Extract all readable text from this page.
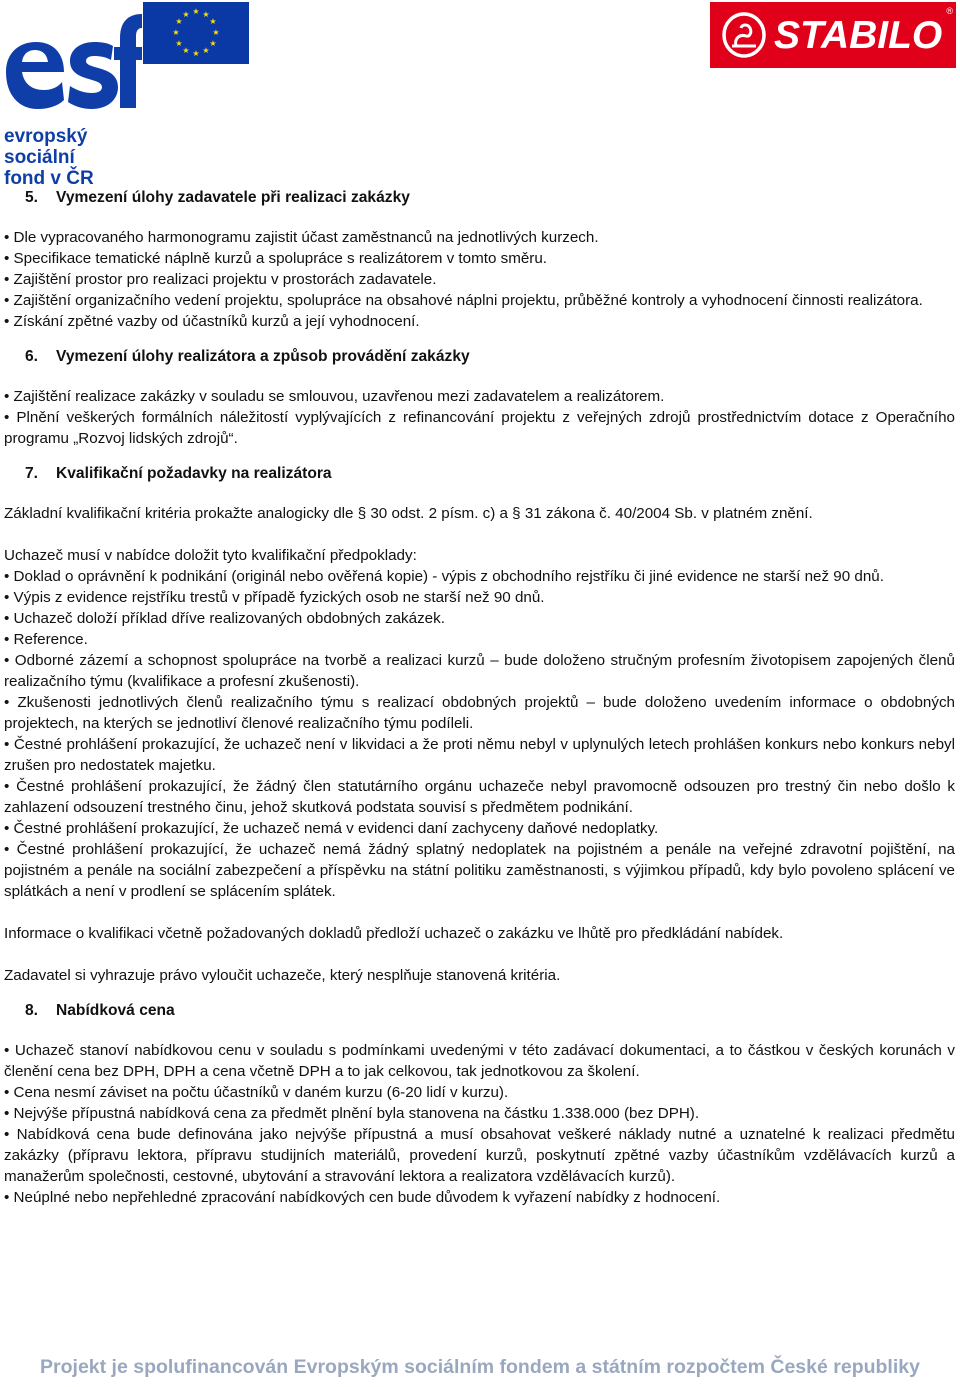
evropský
sociální
fond v ČR
★ ★
★
★
★
★
★
★
★
★
★
★	STABILO
®
5. Vymezení úlohy zadavatele při realizaci zakázky

• Dle vypracovaného harmonogramu zajistit účast zaměstnanců na jednotlivých kurzech.

• Specifikace tematické náplně kurzů a spolupráce s realizátorem v tomto směru.

• Zajištění prostor pro realizaci projektu v prostorách zadavatele.

• Zajištění organizačního vedení projektu, spolupráce na obsahové náplni projektu, průběžné kontroly a vyhodnocení činnosti realizátora.

• Získání zpětné vazby od účastníků kurzů a její vyhodnocení.

6. Vymezení úlohy realizátora a způsob provádění zakázky

• Zajištění realizace zakázky v souladu se smlouvou, uzavřenou mezi zadavatelem a realizátorem.

• Plnění veškerých formálních náležitostí vyplývajících z refinancování projektu z veřejných zdrojů prostřednictvím dotace z Operačního programu „Rozvoj lidských zdrojů“.

7. Kvalifikační požadavky na realizátora

Základní kvalifikační kritéria prokažte analogicky dle § 30 odst. 2 písm. c) a § 31 zákona č. 40/2004 Sb. v platném znění.

Uchazeč musí v nabídce doložit tyto kvalifikační předpoklady:

• Doklad o oprávnění k podnikání (originál nebo ověřená kopie) - výpis z obchodního rejstříku či jiné evidence ne starší než 90 dnů.

• Výpis z evidence rejstříku trestů v případě fyzických osob ne starší než 90 dnů.

• Uchazeč doloží příklad dříve realizovaných obdobných zakázek.

• Reference.

• Odborné zázemí a schopnost spolupráce na tvorbě a realizaci kurzů – bude doloženo stručným profesním životopisem zapojených členů realizačního týmu (kvalifikace a profesní zkušenosti).

• Zkušenosti jednotlivých členů realizačního týmu s realizací obdobných projektů – bude doloženo uvedením informace o obdobných projektech, na kterých se jednotliví členové realizačního týmu podíleli.

• Čestné prohlášení prokazující, že uchazeč není v likvidaci a že proti němu nebyl v uplynulých letech prohlášen konkurs nebo konkurs nebyl zrušen pro nedostatek majetku.

• Čestné prohlášení prokazující, že žádný člen statutárního orgánu uchazeče nebyl pravomocně odsouzen pro trestný čin nebo došlo k zahlazení odsouzení trestného činu, jehož skutková podstata souvisí s předmětem podnikání.

• Čestné prohlášení prokazující, že uchazeč nemá v evidenci daní zachyceny daňové nedoplatky.

• Čestné prohlášení prokazující, že uchazeč nemá žádný splatný nedoplatek na pojistném a penále na veřejné zdravotní pojištění, na pojistném a penále na sociální zabezpečení a příspěvku na státní politiku zaměstnanosti, s výjimkou případů, kdy bylo povoleno splácení ve splátkách a není v prodlení se splácením splátek.

Informace o kvalifikaci včetně požadovaných dokladů předloží uchazeč o zakázku ve lhůtě pro předkládání nabídek.

Zadavatel si vyhrazuje právo vyloučit uchazeče, který nesplňuje stanovená kritéria.

8. Nabídková cena

• Uchazeč stanoví nabídkovou cenu v souladu s podmínkami uvedenými v této zadávací dokumentaci, a to částkou v českých korunách v členění cena bez DPH, DPH a cena včetně DPH a to jak celkovou, tak jednotkovou za školení.

• Cena nesmí záviset na počtu účastníků v daném kurzu (6-20 lidí v kurzu).

• Nejvýše přípustná nabídková cena za předmět plnění byla stanovena na částku 1.338.000 (bez DPH).

• Nabídková cena bude definována jako nejvýše přípustná a musí obsahovat veškeré náklady nutné a uznatelné k realizaci předmětu zakázky (přípravu lektora, přípravu studijních materiálů, provedení kurzů, poskytnutí zpětné vazby účastníkům vzdělávacích kurzů a manažerům společnosti, cestovné, ubytování a stravování lektora a realizatora vzdělávacích kurzů).

• Neúplné nebo nepřehledné zpracování nabídkových cen bude důvodem k vyřazení nabídky z hodnocení.

Projekt je spolufinancován Evropským sociálním fondem a státním rozpočtem České republiky
